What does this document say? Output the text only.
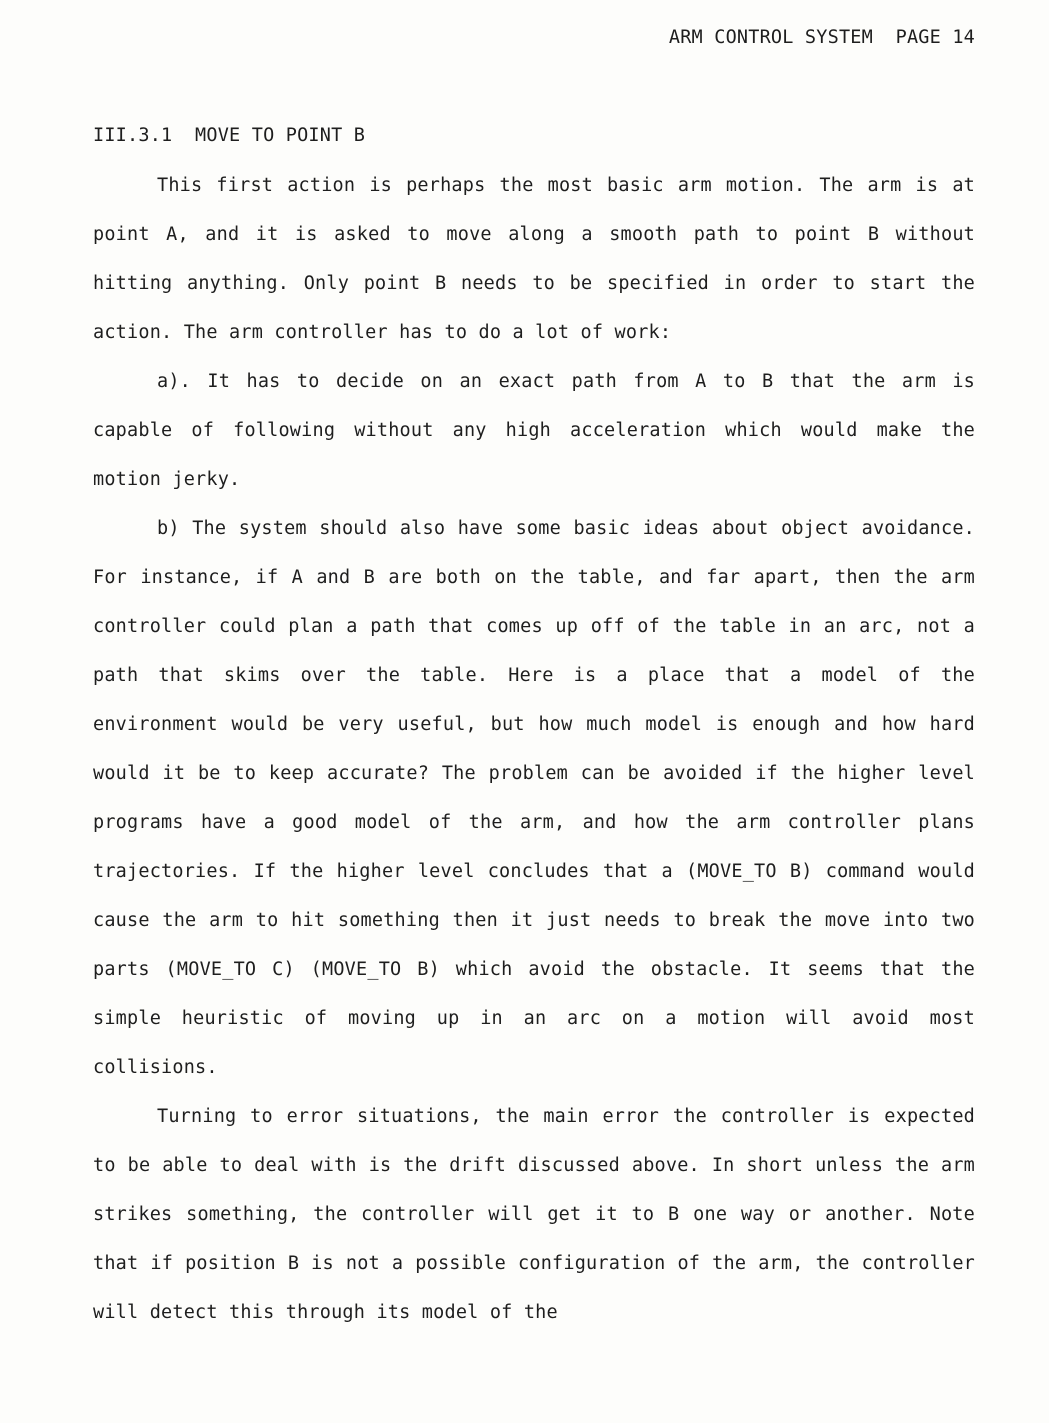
ARM CONTROL SYSTEM  PAGE 14
III.3.1  MOVE TO POINT B

This first action is perhaps the most basic arm motion. The arm is at point A, and it is asked to move along a smooth path to point B without hitting anything. Only point B needs to be specified in order to start the action. The arm controller has to do a lot of work:

a). It has to decide on an exact path from A to B that the arm is capable of following without any high acceleration which would make the motion jerky.

b) The system should also have some basic ideas about object avoidance. For instance, if A and B are both on the table, and far apart, then the arm controller could plan a path that comes up off of the table in an arc, not a path that skims over the table. Here is a place that a model of the environment would be very useful, but how much model is enough and how hard would it be to keep accurate? The problem can be avoided if the higher level programs have a good model of the arm, and how the arm controller plans trajectories. If the higher level concludes that a (MOVE_TO B) command would cause the arm to hit something then it just needs to break the move into two parts (MOVE_TO C) (MOVE_TO B) which avoid the obstacle. It seems that the simple heuristic of moving up in an arc on a motion will avoid most collisions.

Turning to error situations, the main error the controller is expected to be able to deal with is the drift discussed above. In short unless the arm strikes something, the controller will get it to B one way or another. Note that if position B is not a possible configuration of the arm, the controller will detect this through its model of the
